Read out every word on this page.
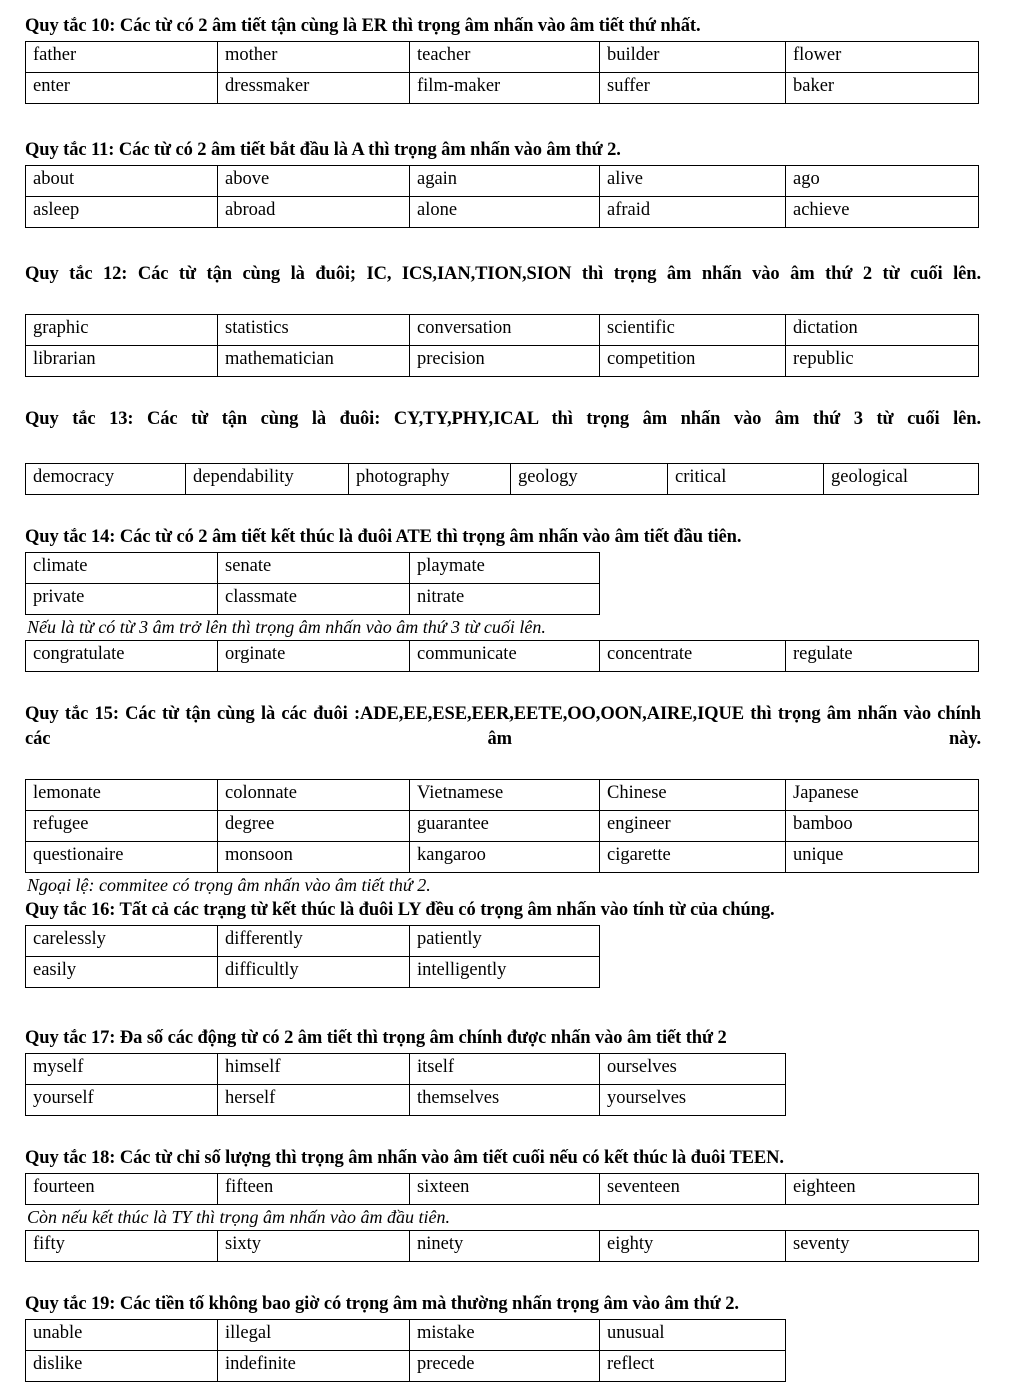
Quy tắc 10: Các từ có 2 âm tiết tận cùng là ER thì trọng âm nhấn vào âm tiết thứ nhất.

father	mother	teacher	builder	flower
enter	dressmaker	film-maker	suffer	baker

Quy tắc 11: Các từ có 2 âm tiết bắt đầu là A thì trọng âm nhấn vào âm thứ 2.

about	above	again	alive	ago
asleep	abroad	alone	afraid	achieve

Quy tắc 12: Các từ tận cùng là đuôi; IC, ICS,IAN,TION,SION thì trọng âm nhấn vào âm thứ 2 từ cuối lên.

graphic	statistics	conversation	scientific	dictation
librarian	mathematician	precision	competition	republic

Quy tắc 13: Các từ tận cùng là đuôi: CY,TY,PHY,ICAL thì trọng âm nhấn vào âm thứ 3 từ cuối lên.

democracy	dependability	photography	geology	critical	geological

Quy tắc 14: Các từ có 2 âm tiết kết thúc là đuôi ATE thì trọng âm nhấn vào âm tiết đầu tiên.

climate	senate	playmate
private	classmate	nitrate

Nếu là từ có từ 3 âm trở lên thì trọng âm nhấn vào âm thứ 3 từ cuối lên.

congratulate	orginate	communicate	concentrate	regulate

Quy tắc 15: Các từ tận cùng là các đuôi :ADE,EE,ESE,EER,EETE,OO,OON,AIRE,IQUE thì trọng âm nhấn vào chính các âm này.

lemonate	colonnate	Vietnamese	Chinese	Japanese
refugee	degree	guarantee	engineer	bamboo
questionaire	monsoon	kangaroo	cigarette	unique

Ngoại lệ: commitee có trọng âm nhấn vào âm tiết thứ 2.

Quy tắc 16: Tất cả các trạng từ kết thúc là đuôi LY đều có trọng âm nhấn vào tính từ của chúng.

carelessly	differently	patiently
easily	difficultly	intelligently

Quy tắc 17: Đa số các động từ có 2 âm tiết thì trọng âm chính được nhấn vào âm tiết thứ 2

myself	himself	itself	ourselves
yourself	herself	themselves	yourselves

Quy tắc 18: Các từ chỉ số lượng thì trọng âm nhấn vào âm tiết cuối nếu có kết thúc là đuôi TEEN.

fourteen	fifteen	sixteen	seventeen	eighteen

Còn nếu kết thúc là TY thì trọng âm nhấn vào âm đầu tiên.

fifty	sixty	ninety	eighty	seventy

Quy tắc 19: Các tiền tố không bao giờ có trọng âm mà thường nhấn trọng âm vào âm thứ 2.

unable	illegal	mistake	unusual
dislike	indefinite	precede	reflect
